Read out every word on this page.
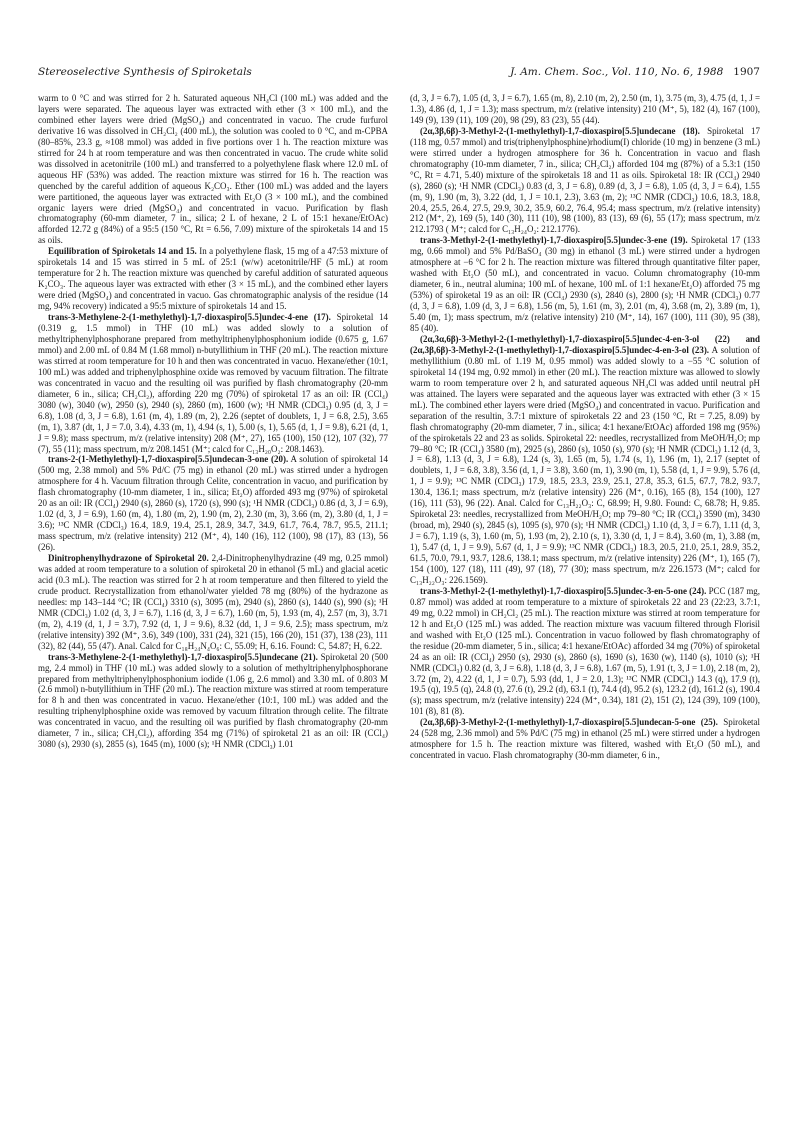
Stereoselective Synthesis of Spiroketals	J. Am. Chem. Soc., Vol. 110, No. 6, 1988 1907

warm to 0 °C and was stirred for 2 h. Saturated aqueous NH₄Cl (100 mL) was added and the layers were separated. The aqueous layer was extracted with ether (3 × 100 mL), and the combined ether layers were dried (MgSO₄) and concentrated in vacuo. The crude furfurol derivative 16 was dissolved in CH₂Cl₂ (400 mL), the solution was cooled to 0 °C, and m-CPBA (80–85%, 23.3 g, ≈108 mmol) was added in five portions over 1 h. The reaction mixture was stirred for 24 h at room temperature and was then concentrated in vacuo. The crude white solid was dissolved in acetonitrile (100 mL) and transferred to a polyethylene flask where 12.0 mL of aqueous HF (53%) was added. The reaction mixture was stirred for 16 h. The reaction was quenched by the careful addition of aqueous K₂CO₃. Ether (100 mL) was added and the layers were partitioned, the aqueous layer was extracted with Et₂O (3 × 100 mL), and the combined organic layers were dried (MgSO₄) and concentrated in vacuo. Purification by flash chromatography (60-mm diameter, 7 in., silica; 2 L of hexane, 2 L of 15:1 hexane/EtOAc) afforded 12.72 g (84%) of a 95:5 (150 °C, Rt = 6.56, 7.09) mixture of the spiroketals 14 and 15 as oils.

Equilibration of Spiroketals 14 and 15. In a polyethylene flask, 15 mg of a 47:53 mixture of spiroketals 14 and 15 was stirred in 5 mL of 25:1 (w/w) acetonitrile/HF (5 mL) at room temperature for 2 h. The reaction mixture was quenched by careful addition of saturated aqueous K₂CO₃. The aqueous layer was extracted with ether (3 × 15 mL), and the combined ether layers were dried (MgSO₄) and concentrated in vacuo. Gas chromatographic analysis of the residue (14 mg, 94% recovery) indicated a 95:5 mixture of spiroketals 14 and 15.

trans-3-Methylene-2-(1-methylethyl)-1,7-dioxaspiro[5.5]undec-4-ene (17). Spiroketal 14 (0.319 g, 1.5 mmol) in THF (10 mL) was added slowly to a solution of methyltriphenylphosphorane prepared from methyltriphenylphosphonium iodide (0.675 g, 1.67 mmol) and 2.00 mL of 0.84 M (1.68 mmol) n-butyllithium in THF (20 mL). The reaction mixture was stirred at room temperature for 10 h and then was concentrated in vacuo. Hexane/ether (10:1, 100 mL) was added and triphenylphosphine oxide was removed by vacuum filtration. The filtrate was concentrated in vacuo and the resulting oil was purified by flash chromatography (20-mm diameter, 6 in., silica; CH₂Cl₂), affording 220 mg (70%) of spiroketal 17 as an oil: IR (CCl₄) 3080 (w), 3040 (w), 2950 (s), 2940 (s), 2860 (m), 1600 (w); ¹H NMR (CDCl₃) 0.95 (d, 3, J = 6.8), 1.08 (d, 3, J = 6.8), 1.61 (m, 4), 1.89 (m, 2), 2.26 (septet of doublets, 1, J = 6.8, 2.5), 3.65 (m, 1), 3.87 (dt, 1, J = 7.0, 3.4), 4.33 (m, 1), 4.94 (s, 1), 5.00 (s, 1), 5.65 (d, 1, J = 9.8), 6.21 (d, 1, J = 9.8); mass spectrum, m/z (relative intensity) 208 (M⁺, 27), 165 (100), 150 (12), 107 (32), 77 (7), 55 (11); mass spectrum, m/z 208.1451 (M⁺; calcd for C₁₃H₂₀O₂: 208.1463).

trans-2-(1-Methylethyl)-1,7-dioxaspiro[5.5]undecan-3-one (20). A solution of spiroketal 14 (500 mg, 2.38 mmol) and 5% Pd/C (75 mg) in ethanol (20 mL) was stirred under a hydrogen atmosphere for 4 h. Vacuum filtration through Celite, concentration in vacuo, and purification by flash chromatography (10-mm diameter, 1 in., silica; Et₂O) afforded 493 mg (97%) of spiroketal 20 as an oil: IR (CCl₄) 2940 (s), 2860 (s), 1720 (s), 990 (s); ¹H NMR (CDCl₃) 0.86 (d, 3, J = 6.9), 1.02 (d, 3, J = 6.9), 1.60 (m, 4), 1.80 (m, 2), 1.90 (m, 2), 2.30 (m, 3), 3.66 (m, 2), 3.80 (d, 1, J = 3.6); ¹³C NMR (CDCl₃) 16.4, 18.9, 19.4, 25.1, 28.9, 34.7, 34.9, 61.7, 76.4, 78.7, 95.5, 211.1; mass spectrum, m/z (relative intensity) 212 (M⁺, 4), 140 (16), 112 (100), 98 (17), 83 (13), 56 (26).

Dinitrophenylhydrazone of Spiroketal 20. 2,4-Dinitrophenylhydrazine (49 mg, 0.25 mmol) was added at room temperature to a solution of spiroketal 20 in ethanol (5 mL) and glacial acetic acid (0.3 mL). The reaction was stirred for 2 h at room temperature and then filtered to yield the crude product. Recrystallization from ethanol/water yielded 78 mg (80%) of the hydrazone as needles: mp 143–144 °C; IR (CCl₄) 3310 (s), 3095 (m), 2940 (s), 2860 (s), 1440 (s), 990 (s); ¹H NMR (CDCl₃) 1.02 (d, 3, J = 6.7), 1.16 (d, 3, J = 6.7), 1.60 (m, 5), 1.93 (m, 4), 2.57 (m, 3), 3.71 (m, 2), 4.19 (d, 1, J = 3.7), 7.92 (d, 1, J = 9.6), 8.32 (dd, 1, J = 9.6, 2.5); mass spectrum, m/z (relative intensity) 392 (M⁺, 3.6), 349 (100), 331 (24), 321 (15), 166 (20), 151 (37), 138 (23), 111 (32), 82 (44), 55 (47). Anal. Calcd for C₁₈H₂₄N₄O₆: C, 55.09; H, 6.16. Found: C, 54.87; H, 6.22.

trans-3-Methylene-2-(1-methylethyl)-1,7-dioxaspiro[5.5]undecane (21). Spiroketal 20 (500 mg, 2.4 mmol) in THF (10 mL) was added slowly to a solution of methyltriphenylphosphorane prepared from methyltriphenylphosphonium iodide (1.06 g, 2.6 mmol) and 3.30 mL of 0.803 M (2.6 mmol) n-butyllithium in THF (20 mL). The reaction mixture was stirred at room temperature for 8 h and then was concentrated in vacuo. Hexane/ether (10:1, 100 mL) was added and the resulting triphenylphosphine oxide was removed by vacuum filtration through celite. The filtrate was concentrated in vacuo, and the resulting oil was purified by flash chromatography (20-mm diameter, 7 in., silica; CH₂Cl₂), affording 354 mg (71%) of spiroketal 21 as an oil: IR (CCl₄) 3080 (s), 2930 (s), 2855 (s), 1645 (m), 1000 (s); ¹H NMR (CDCl₃) 1.01

(d, 3, J = 6.7), 1.05 (d, 3, J = 6.7), 1.65 (m, 8), 2.10 (m, 2), 2.50 (m, 1), 3.75 (m, 3), 4.75 (d, 1, J = 1.3), 4.86 (d, 1, J = 1.3); mass spectrum, m/z (relative intensity) 210 (M⁺, 5), 182 (4), 167 (100), 149 (9), 139 (11), 109 (20), 98 (29), 83 (23), 55 (44).

(2α,3β,6β)-3-Methyl-2-(1-methylethyl)-1,7-dioxaspiro[5.5]undecane (18). Spiroketal 17 (118 mg, 0.57 mmol) and tris(triphenylphosphine)rhodium(I) chloride (10 mg) in benzene (3 mL) were stirred under a hydrogen atmosphere for 36 h. Concentration in vacuo and flash chromatography (10-mm diameter, 7 in., silica; CH₂Cl₂) afforded 104 mg (87%) of a 5.3:1 (150 °C, Rt = 4.71, 5.40) mixture of the spiroketals 18 and 11 as oils. Spiroketal 18: IR (CCl₄) 2940 (s), 2860 (s); ¹H NMR (CDCl₃) 0.83 (d, 3, J = 6.8), 0.89 (d, 3, J = 6.8), 1.05 (d, 3, J = 6.4), 1.55 (m, 9), 1.90 (m, 3), 3.22 (dd, 1, J = 10.1, 2.3), 3.63 (m, 2); ¹³C NMR (CDCl₃) 10.6, 18.3, 18.8, 20.4, 25.5, 26.4, 27.5, 29.9, 30.2, 35.9, 60.2, 76.4, 95.4; mass spectrum, m/z (relative intensity) 212 (M⁺, 2), 169 (5), 140 (30), 111 (10), 98 (100), 83 (13), 69 (6), 55 (17); mass spectrum, m/z 212.1793 ( M⁺; calcd for C₁₃H₂₄O₂: 212.1776).

trans-3-Methyl-2-(1-methylethyl)-1,7-dioxaspiro[5.5]undec-3-ene (19). Spiroketal 17 (133 mg, 0.66 mmol) and 5% Pd/BaSO₄ (30 mg) in ethanol (3 mL) were stirred under a hydrogen atmosphere at −6 °C for 2 h. The reaction mixture was filtered through quantitative filter paper, washed with Et₂O (50 mL), and concentrated in vacuo. Column chromatography (10-mm diameter, 6 in., neutral alumina; 100 mL of hexane, 100 mL of 1:1 hexane/Et₂O) afforded 75 mg (53%) of spiroketal 19 as an oil: IR (CCl₄) 2930 (s), 2840 (s), 2800 (s); ¹H NMR (CDCl₃) 0.77 (d, 3, J = 6.8), 1.09 (d, 3, J = 6.8), 1.56 (m, 5), 1.61 (m, 3), 2.01 (m, 4), 3.68 (m, 2), 3.89 (m, 1), 5.40 (m, 1); mass spectrum, m/z (relative intensity) 210 (M⁺, 14), 167 (100), 111 (30), 95 (38), 85 (40).

(2α,3α,6β)-3-Methyl-2-(1-methylethyl)-1,7-dioxaspiro[5.5]undec-4-en-3-ol (22) and (2α,3β,6β)-3-Methyl-2-(1-methylethyl)-1,7-dioxaspiro[5.5]undec-4-en-3-ol (23). A solution of methyllithium (0.80 mL of 1.19 M, 0.95 mmol) was added slowly to a −55 °C solution of spiroketal 14 (194 mg, 0.92 mmol) in ether (20 mL). The reaction mixture was allowed to slowly warm to room temperature over 2 h, and saturated aqueous NH₄Cl was added until neutral pH was attained. The layers were separated and the aqueous layer was extracted with ether (3 × 15 mL). The combined ether layers were dried (MgSO₄) and concentrated in vacuo. Purification and separation of the resultin, 3.7:1 mixture of spiroketals 22 and 23 (150 °C, Rt = 7.25, 8.09) by flash chromatography (20-mm diameter, 7 in., silica; 4:1 hexane/EtOAc) afforded 198 mg (95%) of the spiroketals 22 and 23 as solids. Spiroketal 22: needles, recrystallized from MeOH/H₂O; mp 79–80 °C; IR (CCl₄) 3580 (m), 2925 (s), 2860 (s), 1050 (s), 970 (s); ¹H NMR (CDCl₃) 1.12 (d, 3, J = 6.8), 1.13 (d, 3, J = 6.8), 1.24 (s, 3), 1.65 (m, 5), 1.74 (s, 1), 1.96 (m, 1), 2.17 (septet of doublets, 1, J = 6.8, 3.8), 3.56 (d, 1, J = 3.8), 3.60 (m, 1), 3.90 (m, 1), 5.58 (d, 1, J = 9.9), 5.76 (d, 1, J = 9.9); ¹³C NMR (CDCl₃) 17.9, 18.5, 23.3, 23.9, 25.1, 27.8, 35.3, 61.5, 67.7, 78.2, 93.7, 130.4, 136.1; mass spectrum, m/z (relative intensity) 226 (M⁺, 0.16), 165 (8), 154 (100), 127 (16), 111 (53), 96 (22). Anal. Calcd for C₁₃H₂₂O₃: C, 68.99; H, 9.80. Found: C, 68.78; H, 9.85. Spiroketal 23: needles, recrystallized from MeOH/H₂O; mp 79–80 °C; IR (CCl₄) 3590 (m), 3430 (broad, m), 2940 (s), 2845 (s), 1095 (s), 970 (s); ¹H NMR (CDCl₃) 1.10 (d, 3, J = 6.7), 1.11 (d, 3, J = 6.7), 1.19 (s, 3), 1.60 (m, 5), 1.93 (m, 2), 2.10 (s, 1), 3.30 (d, 1, J = 8.4), 3.60 (m, 1), 3.88 (m, 1), 5.47 (d, 1, J = 9.9), 5.67 (d, 1, J = 9.9); ¹³C NMR (CDCl₃) 18.3, 20.5, 21.0, 25.1, 28.9, 35.2, 61.5, 70.0, 79.1, 93.7, 128.6, 138.1; mass spectrum, m/z (relative intensity) 226 (M⁺, 1), 165 (7), 154 (100), 127 (18), 111 (49), 97 (18), 77 (30); mass spectrum, m/z 226.1573 (M⁺; calcd for C₁₃H₂₂O₃: 226.1569).

trans-3-Methyl-2-(1-methylethyl)-1,7-dioxaspiro[5.5]undec-3-en-5-one (24). PCC (187 mg, 0.87 mmol) was added at room temperature to a mixture of spiroketals 22 and 23 (22:23, 3.7:1, 49 mg, 0.22 mmol) in CH₂Cl₂ (25 mL). The reaction mixture was stirred at room temperature for 12 h and Et₂O (125 mL) was added. The reaction mixture was vacuum filtered through Florisil and washed with Et₂O (125 mL). Concentration in vacuo followed by flash chromatography of the residue (20-mm diameter, 5 in., silica; 4:1 hexane/EtOAc) afforded 34 mg (70%) of spiroketal 24 as an oil: IR (CCl₄) 2950 (s), 2930 (s), 2860 (s), 1690 (s), 1630 (w), 1140 (s), 1010 (s); ¹H NMR (CDCl₃) 0.82 (d, 3, J = 6.8), 1.18 (d, 3, J = 6.8), 1.67 (m, 5), 1.91 (t, 3, J = 1.0), 2.18 (m, 2), 3.72 (m, 2), 4.22 (d, 1, J = 0.7), 5.93 (dd, 1, J = 2.0, 1.3); ¹³C NMR (CDCl₃) 14.3 (q), 17.9 (t), 19.5 (q), 19.5 (q), 24.8 (t), 27.6 (t), 29.2 (d), 63.1 (t), 74.4 (d), 95.2 (s), 123.2 (d), 161.2 (s), 190.4 (s); mass spectrum, m/z (relative intensity) 224 (M⁺, 0.34), 181 (2), 151 (2), 124 (39), 109 (100), 101 (8), 81 (8).

(2α,3β,6β)-3-Methyl-2-(1-methylethyl)-1,7-dioxaspiro[5.5]undecan-5-one (25). Spiroketal 24 (528 mg, 2.36 mmol) and 5% Pd/C (75 mg) in ethanol (25 mL) were stirred under a hydrogen atmosphere for 1.5 h. The reaction mixture was filtered, washed with Et₂O (50 mL), and concentrated in vacuo. Flash chromatography (30-mm diameter, 6 in.,
